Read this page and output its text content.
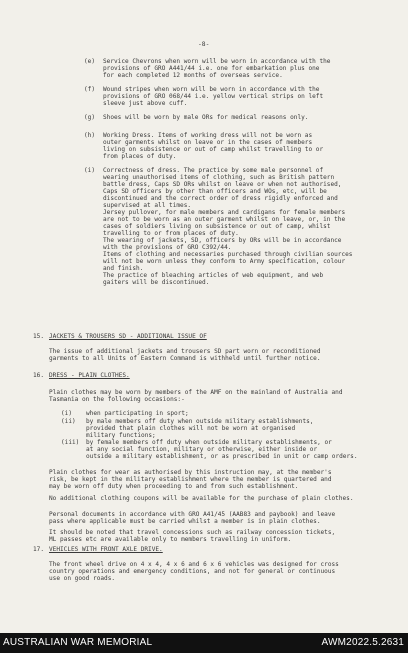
-8-
(e) Service Chevrons when worn will be worn in accordance with the
provisions of GRO A441/44 i.e. one for embarkation plus one
for each completed 12 months of overseas service.
(f) Wound stripes when worn will be worn in accordance with the
provisions of GRO 068/44 i.e. yellow vertical strips on left
sleeve just above cuff.
(g) Shoes will be worn by male ORs for medical reasons only.
(h) Working Dress. Items of working dress will not be worn as
outer garments whilst on leave or in the cases of members
living on subsistence or out of camp whilst travelling to or
from places of duty.
(i) Correctness of dress. The practice by some male personnel of
wearing unauthorised items of clothing, such as British pattern
battle dress, Caps SD ORs whilst on leave or when not authorised,
Caps SD officers by other than officers and WOs, etc, will be
discontinued and the correct order of dress rigidly enforced and
supervised at all times.
Jersey pullover, for male members and cardigans for female members
are not to be worn as an outer garment whilst on leave, or, in the
cases of soldiers living on subsistence or out of camp, whilst
travelling to or from places of duty.
The wearing of jackets, SD, officers by ORs will be in accordance
with the provisions of GRO C392/44.
Items of clothing and necessaries purchased through civilian sources
will not be worn unless they conform to Army specification, colour
and finish.
The practice of bleaching articles of web equipment, and web
gaiters will be discontinued.
15. JACKETS & TROUSERS SD - ADDITIONAL ISSUE OF
The issue of additional jackets and trousers SD part worn or reconditioned
garments to all Units of Eastern Command is withheld until further notice.
16. DRESS - PLAIN CLOTHES.
Plain clothes may be worn by members of the AMF on the mainland of Australia and
Tasmania on the following occasions:-
17. VEHICLES WITH FRONT AXLE DRIVE.
The front wheel drive on 4 x 4, 4 x 6 and 6 x 6 vehicles was designed for cross
country operations and emergency conditions, and not for general or continuous
use on good roads.
(i) when participating in sport;
(ii) by male members off duty when outside military establishments,
provided that plain clothes will not be worn at organised
military functions;
(iii) by female members off duty when outside military establishments, or
at any social function, military or otherwise, either inside or
outside a military establishment, or as prescribed in unit or camp orders.
Plain clothes for wear as authorised by this instruction may, at the member's
risk, be kept in the military establishment where the member is quartered and
may be worn off duty when proceeding to and from such establishment.
No additional clothing coupons will be available for the purchase of plain clothes.
Personal documents in accordance with GRO A41/45 (AAB83 and paybook) and leave
pass where applicable must be carried whilst a member is in plain clothes.
It should be noted that travel concessions such as railway concession tickets,
ML passes etc are available only to members travelling in uniform.
AUSTRALIAN WAR MEMORIAL	AWM2022.5.2631
